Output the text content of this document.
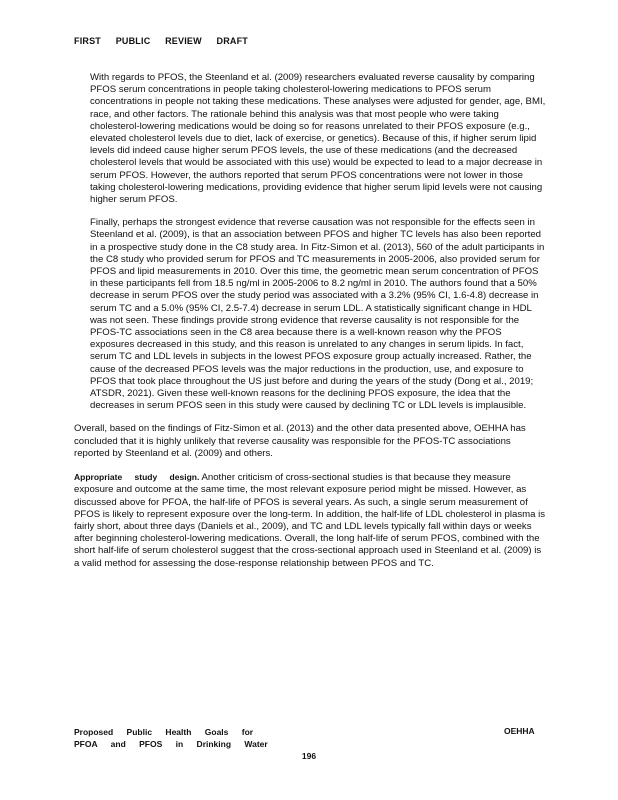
FIRST PUBLIC REVIEW DRAFT
With regards to PFOS, the Steenland et al. (2009) researchers evaluated reverse causality by comparing PFOS serum concentrations in people taking cholesterol-lowering medications to PFOS serum concentrations in people not taking these medications. These analyses were adjusted for gender, age, BMI, race, and other factors. The rationale behind this analysis was that most people who were taking cholesterol-lowering medications would be doing so for reasons unrelated to their PFOS exposure (e.g., elevated cholesterol levels due to diet, lack of exercise, or genetics). Because of this, if higher serum lipid levels did indeed cause higher serum PFOS levels, the use of these medications (and the decreased cholesterol levels that would be associated with this use) would be expected to lead to a major decrease in serum PFOS. However, the authors reported that serum PFOS concentrations were not lower in those taking cholesterol-lowering medications, providing evidence that higher serum lipid levels were not causing higher serum PFOS.
Finally, perhaps the strongest evidence that reverse causation was not responsible for the effects seen in Steenland et al. (2009), is that an association between PFOS and higher TC levels has also been reported in a prospective study done in the C8 study area. In Fitz-Simon et al. (2013), 560 of the adult participants in the C8 study who provided serum for PFOS and TC measurements in 2005-2006, also provided serum for PFOS and lipid measurements in 2010. Over this time, the geometric mean serum concentration of PFOS in these participants fell from 18.5 ng/ml in 2005-2006 to 8.2 ng/ml in 2010. The authors found that a 50% decrease in serum PFOS over the study period was associated with a 3.2% (95% CI, 1.6-4.8) decrease in serum TC and a 5.0% (95% CI, 2.5-7.4) decrease in serum LDL. A statistically significant change in HDL was not seen. These findings provide strong evidence that reverse causality is not responsible for the PFOS-TC associations seen in the C8 area because there is a well-known reason why the PFOS exposures decreased in this study, and this reason is unrelated to any changes in serum lipids. In fact, serum TC and LDL levels in subjects in the lowest PFOS exposure group actually increased. Rather, the cause of the decreased PFOS levels was the major reductions in the production, use, and exposure to PFOS that took place throughout the US just before and during the years of the study (Dong et al., 2019; ATSDR, 2021). Given these well-known reasons for the declining PFOS exposure, the idea that the decreases in serum PFOS seen in this study were caused by declining TC or LDL levels is implausible.

Overall, based on the findings of Fitz-Simon et al. (2013) and the other data presented above, OEHHA has concluded that it is highly unlikely that reverse causality was responsible for the PFOS-TC associations reported by Steenland et al. (2009) and others.

Appropriate study design. Another criticism of cross-sectional studies is that because they measure exposure and outcome at the same time, the most relevant exposure period might be missed. However, as discussed above for PFOA, the half-life of PFOS is several years. As such, a single serum measurement of PFOS is likely to represent exposure over the long-term. In addition, the half-life of LDL cholesterol in plasma is fairly short, about three days (Daniels et al., 2009), and TC and LDL levels typically fall within days or weeks after beginning cholesterol-lowering medications. Overall, the long half-life of serum PFOS, combined with the short half-life of serum cholesterol suggest that the cross-sectional approach used in Steenland et al. (2009) is a valid method for assessing the dose-response relationship between PFOS and TC.

Proposed Public Health Goals for
PFOA and PFOS in Drinking Water
OEHHA
196
